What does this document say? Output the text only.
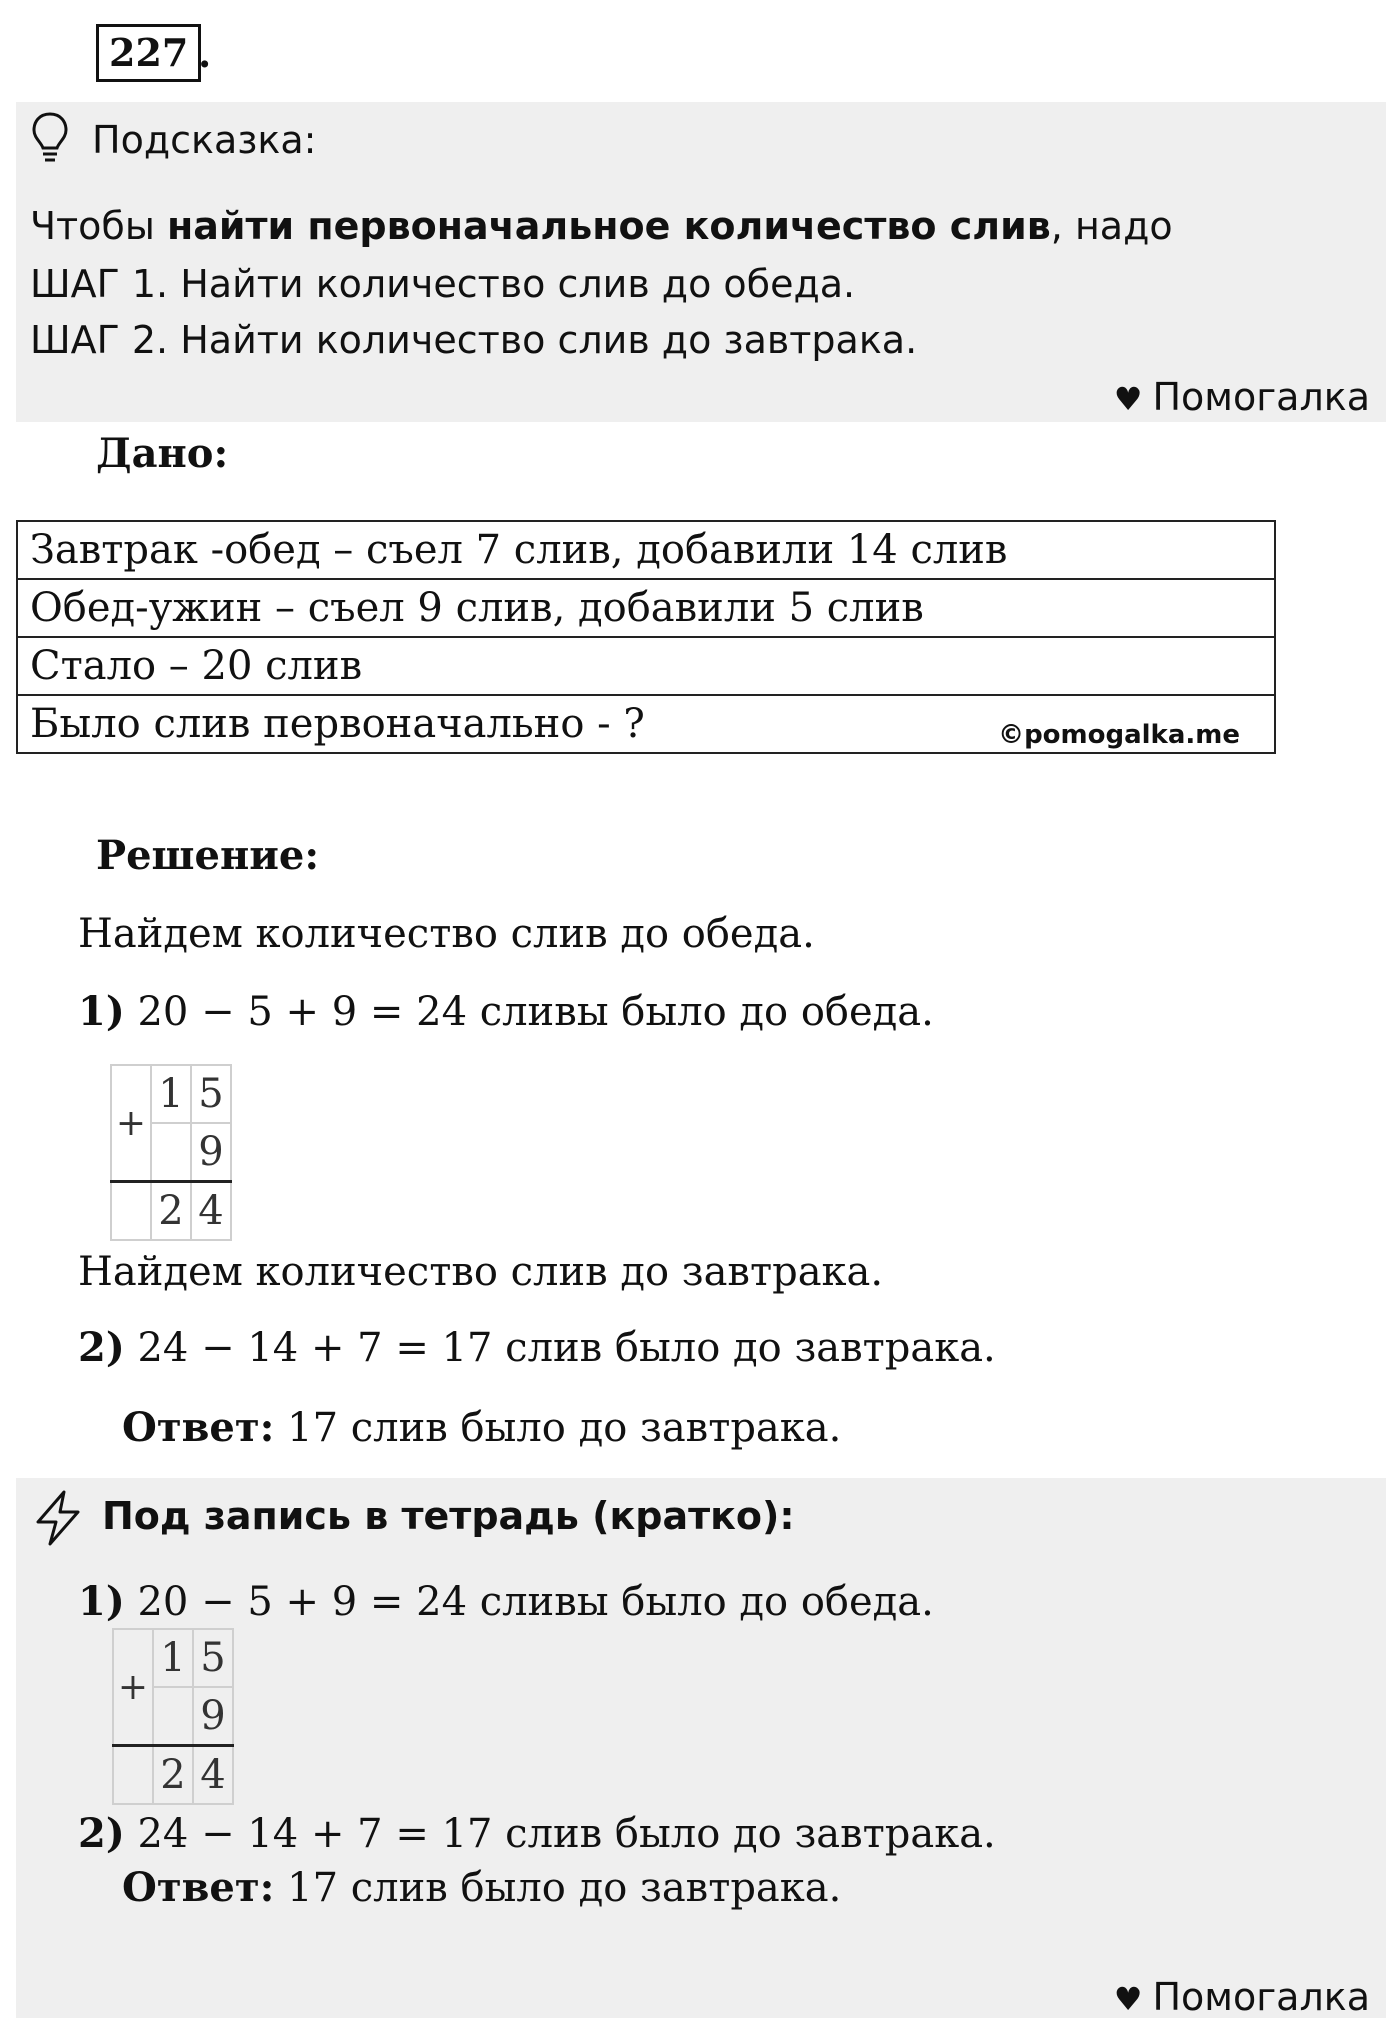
227 .
Подсказка:
Чтобы найти первоначальное количество слив, надо
ШАГ 1. Найти количество слив до обеда.
ШАГ 2. Найти количество слив до завтрака.
♥ Помогалка
Дано:
Завтрак -обед – съел 7 слив, добавили 14 слив
Обед-ужин – съел 9 слив, добавили 5 слив
Стало – 20 слив
Было слив первоначально - ?	©pomogalka.me
Решение:
Найдем количество слив до обеда.
1) 20 − 5 + 9 = 24 сливы было до обеда.
+	1	5
		9
	2	4
Найдем количество слив до завтрака.
2) 24 − 14 + 7 = 17 слив было до завтрака.
Ответ: 17 слив было до завтрака.
Под запись в тетрадь (кратко):
1) 20 − 5 + 9 = 24 сливы было до обеда.
+	1	5
		9
	2	4
2) 24 − 14 + 7 = 17 слив было до завтрака.
Ответ: 17 слив было до завтрака.
♥ Помогалка
